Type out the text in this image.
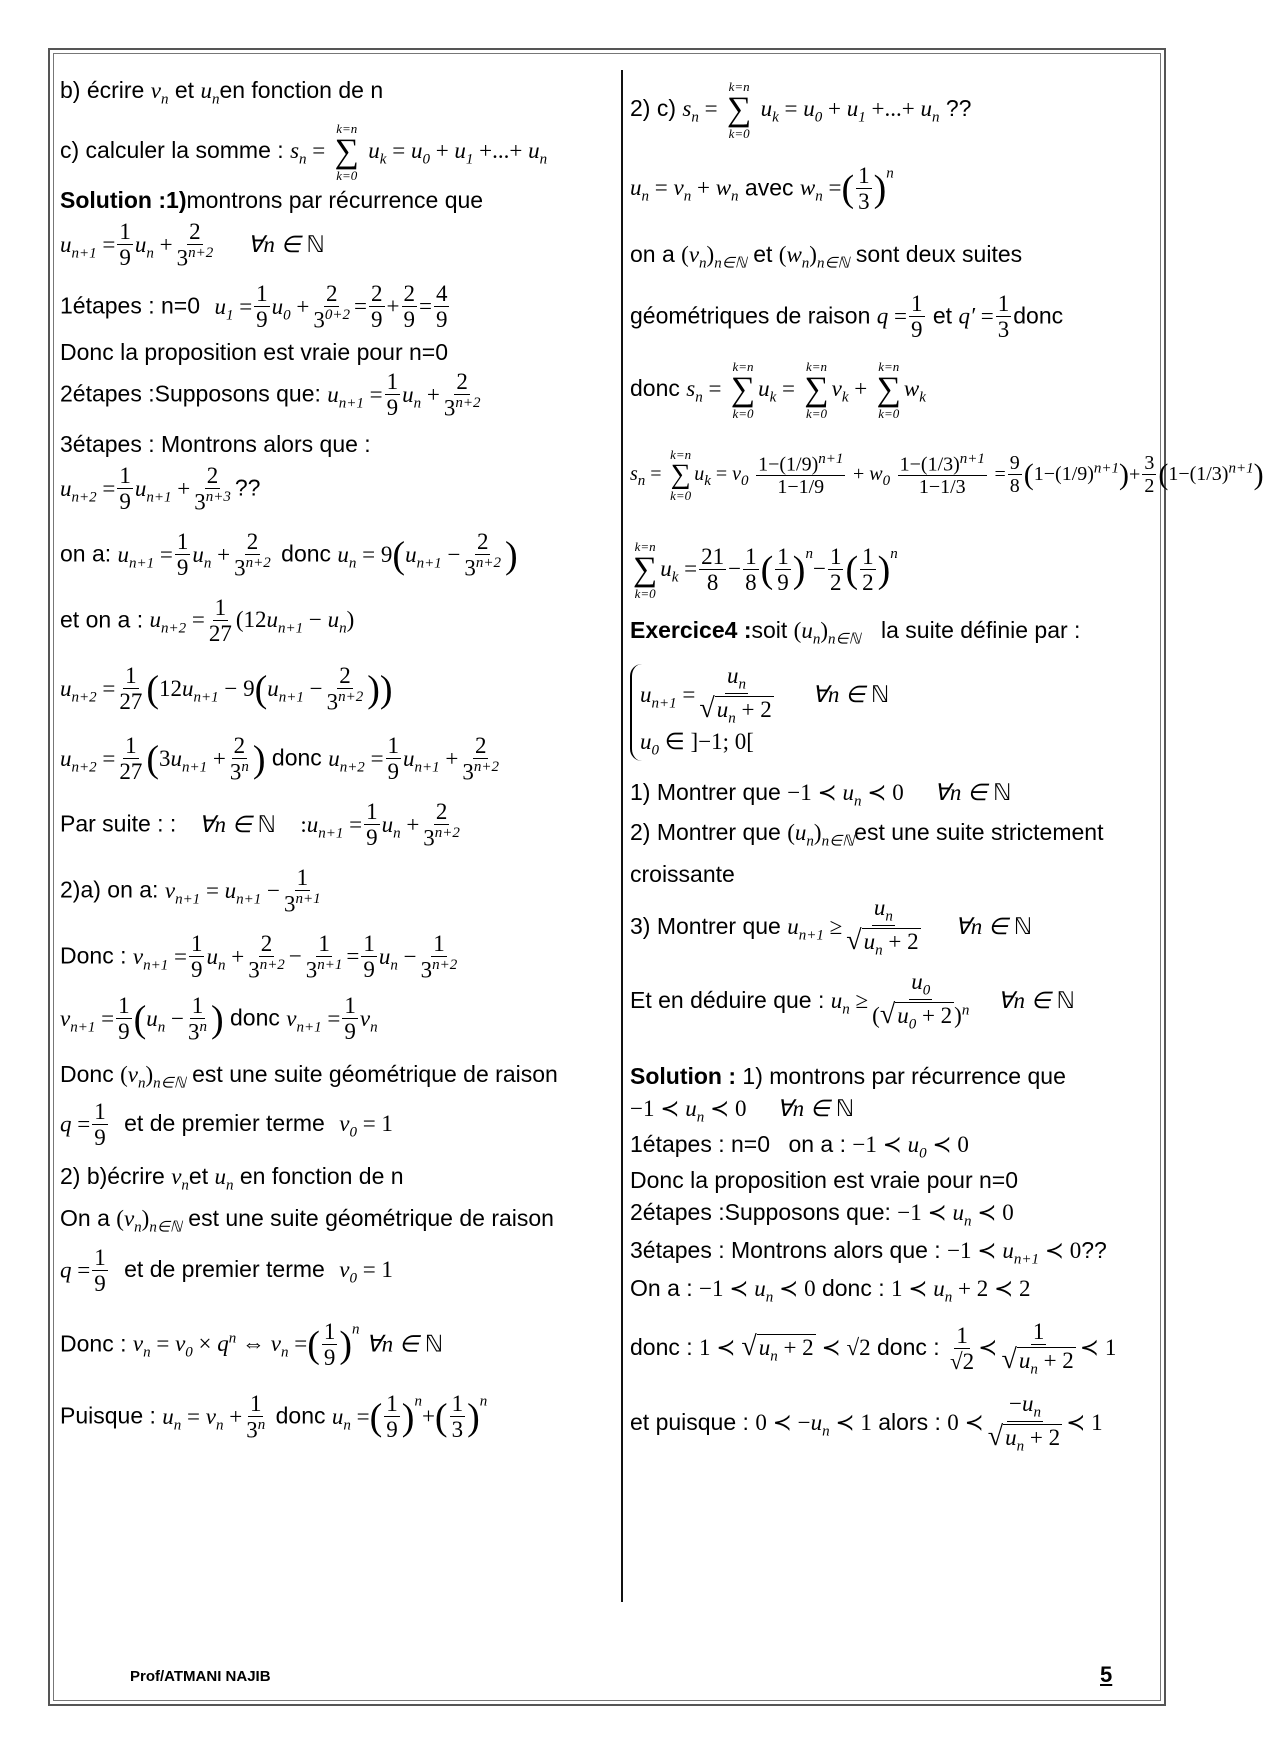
b) écrire $v_n$ et $u_nen$ fonction de n
c) calculer la somme : $s_n$ =
k=n
∑
k=0
$u_k = u_0 + u_1$ +...+ $u_n$
Solution :1)montrons par récurrence que
$u_{n+1} = \frac{1}{9} u_n + \frac{2}{3^{n+2}}$ ∀n ∈ ℕ
1étapes : n=0 $u_1 = \frac{1}{9} u_0 + \frac{2}{3^{0+2}} = \frac{2}{9} + \frac{2}{9} = \frac{4}{9}$
Donc la proposition est vraie pour n=0
2étapes :Supposons que: $u_{n+1} = \frac{1}{9} u_n + \frac{2}{3^{n+2}}$
3étapes : Montrons alors que :
$u_{n+2} = \frac{1}{9} u_{n+1} + \frac{2}{3^{n+3}}$ ??
on a: $u_{n+1} = \frac{1}{9} u_n + \frac{2}{3^{n+2}}$ donc $u_n = 9(u_{n+1} - \frac{2}{3^{n+2}}$ )
et on a : $u_{n+2} = \frac{1}{27} (12u_{n+1} - u_n)$
$u_{n+2} = \frac{1}{27} (12u_{n+1} - 9(u_{n+1} - \frac{2}{3^{n+2}}$ ))
$u_{n+2} = \frac{1}{27} (3u_{n+1} + \frac{2}{3^n}$ ) donc $u_{n+2} = \frac{1}{9} u_{n+1} + \frac{2}{3^{n+2}}$
Par suite : : ∀n ∈ ℕ $:u_{n+1} = \frac{1}{9} u_n + \frac{2}{3^{n+2}}$
2)a) on a: $v_{n+1} = u_{n+1} - \frac{1}{3^{n+1}}$
Donc : $v_{n+1} = \frac{1}{9} u_n + \frac{2}{3^{n+2}} - \frac{1}{3^{n+1}} = \frac{1}{9} u_n - \frac{1}{3^{n+2}}$
$v_{n+1} = \frac{1}{9} (u_n - \frac{1}{3^n}$ ) donc $v_{n+1} = \frac{1}{9} v_n$
Donc $(v_n)_{n\in ℕ}$ est une suite géométrique de raison
$q = \frac{1}{9}$ et de premier terme $v_0 = 1$
2) b)écrire $v_net$ $u_n$ en fonction de n
On a $(v_n)_{n\in ℕ}$ est une suite géométrique de raison
$q = \frac{1}{9}$ et de premier terme $v_0 = 1$
Donc : $v_n = v_0 \times q^n$ ⇔ $v_n$ =( $\frac{1}{9} )^n$ ∀n ∈ ℕ
Puisque : $u_n = v_n + \frac{1}{3^n}$ donc $u_n$ =( $\frac{1}{9} )^n+( \frac{1}{3} )^n$
2) c) $s_n$ =
k=n
∑
k=0
$u_k = u_0 + u_1$ +...+ $u_n$ ??
$u_n = v_n + w_n$ avec $w_n$ =( $\frac{1}{3} )^n$
on a $(v_n)_{n\in ℕ}$ et $(w_n)_{n\in ℕ}$ sont deux suites
géométriques de raison $q = \frac{1}{9}$ et $q' = \frac{1}{3}$ donc
donc $s_n$ =
k=n
∑
k=0
$u_k$ =
k=n
∑
k=0
$v_k$ +
k=n
∑
k=0
$w_k$
$s_n$ =
k=n
∑
k=0
$u_k = v_0 \frac{1-(1/9)^{n+1}}{1-1/9} + w_0 \frac{1-(1/3)^{n+1}}{1-1/3} = \frac{9}{8} (1-(1/9)^{n+1})+ \frac{3}{2} (1-(1/3)^{n+1})$
k=n
∑
k=0
$u_k = \frac{21}{8} - \frac{1}{8}$ ( $\frac{1}{9} )^n- \frac{1}{2}$ ( $\frac{1}{2} )^n$
Exercice4 :soit $(u_n)_{n\in ℕ}$ la suite définie par :
$u_{n+1} = \frac{u_n}{√u_n + 2}$ ∀n ∈ ℕ
$u_0$ ∈ ]−1; 0[
1) Montrer que −1 ≺ $u_n$ ≺ 0 ∀n ∈ ℕ
2) Montrer que $(u_n)_{n\in ℕ}est$ une suite strictement
croissante
3) Montrer que $u_{n+1} \ge \frac{u_n}{√u_n + 2}$ ∀n ∈ ℕ
Et en déduire que : $u_n \ge \frac{u_0}{(√u_0 + 2)^n}$ ∀n ∈ ℕ
Solution : 1) montrons par récurrence que
−1 ≺ $u_n$ ≺ 0 ∀n ∈ ℕ
1étapes : n=0 on a : −1 ≺ $u_0$ ≺ 0
Donc la proposition est vraie pour n=0
2étapes :Supposons que: −1 ≺ $u_n$ ≺ 0
3étapes : Montrons alors que : −1 ≺ $u_{n+1}$ ≺ 0??
On a : −1 ≺ $u_n$ ≺ 0 donc : 1 ≺ $u_n + 2$ ≺ 2
donc : 1 ≺ $√u_n + 2$ ≺ √2 donc : $\frac{1}{√2}$ ≺ $\frac{1}{√u_n + 2}$ ≺ 1
et puisque : 0 ≺ $-u_n$ ≺ 1 alors : 0 ≺ $\frac{-u_n}{√u_n + 2}$ ≺ 1
Prof/ATMANI NAJIB	5
